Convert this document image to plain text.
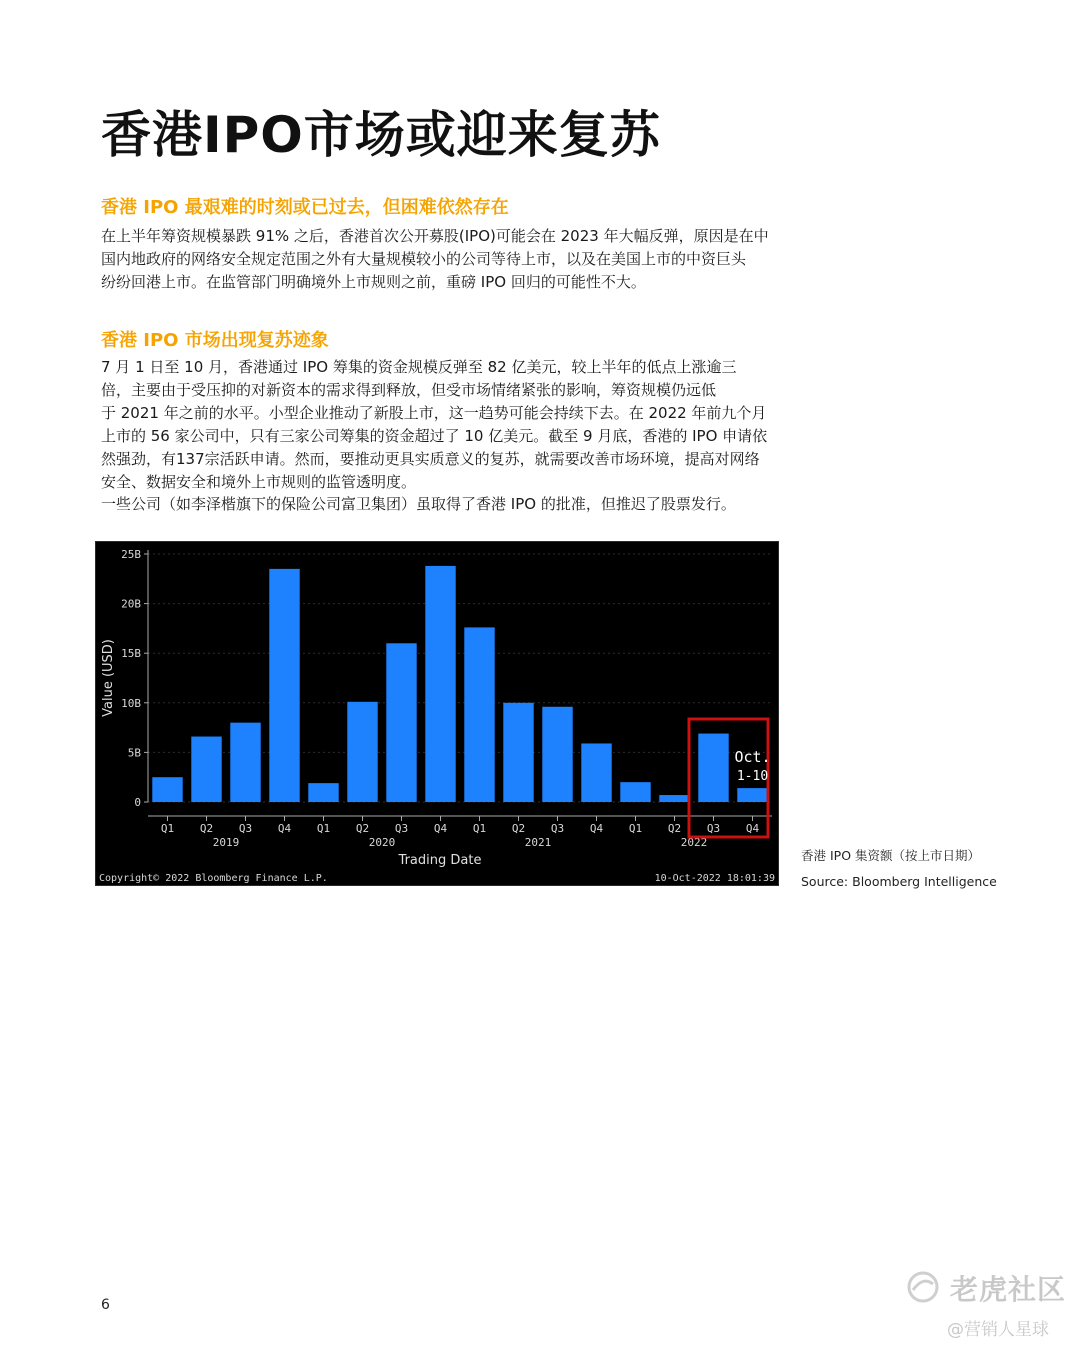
香港IPO市场或迎来复苏
香港 IPO 最艰难的时刻或已过去，但困难依然存在
在上半年筹资规模暴跌 91% 之后，香港首次公开募股(IPO)可能会在 2023 年大幅反弹，原因是在中
国内地政府的网络安全规定范围之外有大量规模较小的公司等待上市，以及在美国上市的中资巨头
纷纷回港上市。在监管部门明确境外上市规则之前，重磅 IPO 回归的可能性不大。
香港 IPO 市场出现复苏迹象
7 月 1 日至 10 月，香港通过 IPO 筹集的资金规模反弹至 82 亿美元，较上半年的低点上涨逾三
倍，主要由于受压抑的对新资本的需求得到释放，但受市场情绪紧张的影响，筹资规模仍远低
于 2021 年之前的水平。小型企业推动了新股上市，这一趋势可能会持续下去。在 2022 年前九个月
上市的 56 家公司中，只有三家公司筹集的资金超过了 10 亿美元。截至 9 月底，香港的 IPO 申请依
然强劲，有137宗活跃申请。然而，要推动更具实质意义的复苏，就需要改善市场环境，提高对网络
安全、数据安全和境外上市规则的监管透明度。

一些公司（如李泽楷旗下的保险公司富卫集团）虽取得了香港 IPO 的批准，但推迟了股票发行。

0
5B
10B
15B
20B
25B
Q1 Q2 Q3 Q4 Q1 Q2 Q3 Q4 Q1 Q2 Q3 Q4 Q1 Q2 Q3 Q4
2019	2020	2021	2022
Trading Date
Value (USD)
Oct.
1-10
Copyright© 2022 Bloomberg Finance L.P.	10-Oct-2022 18:01:39

香港 IPO 集资额（按上市日期）

Source: Bloomberg Intelligence

6	老虎社区

@营销人星球
